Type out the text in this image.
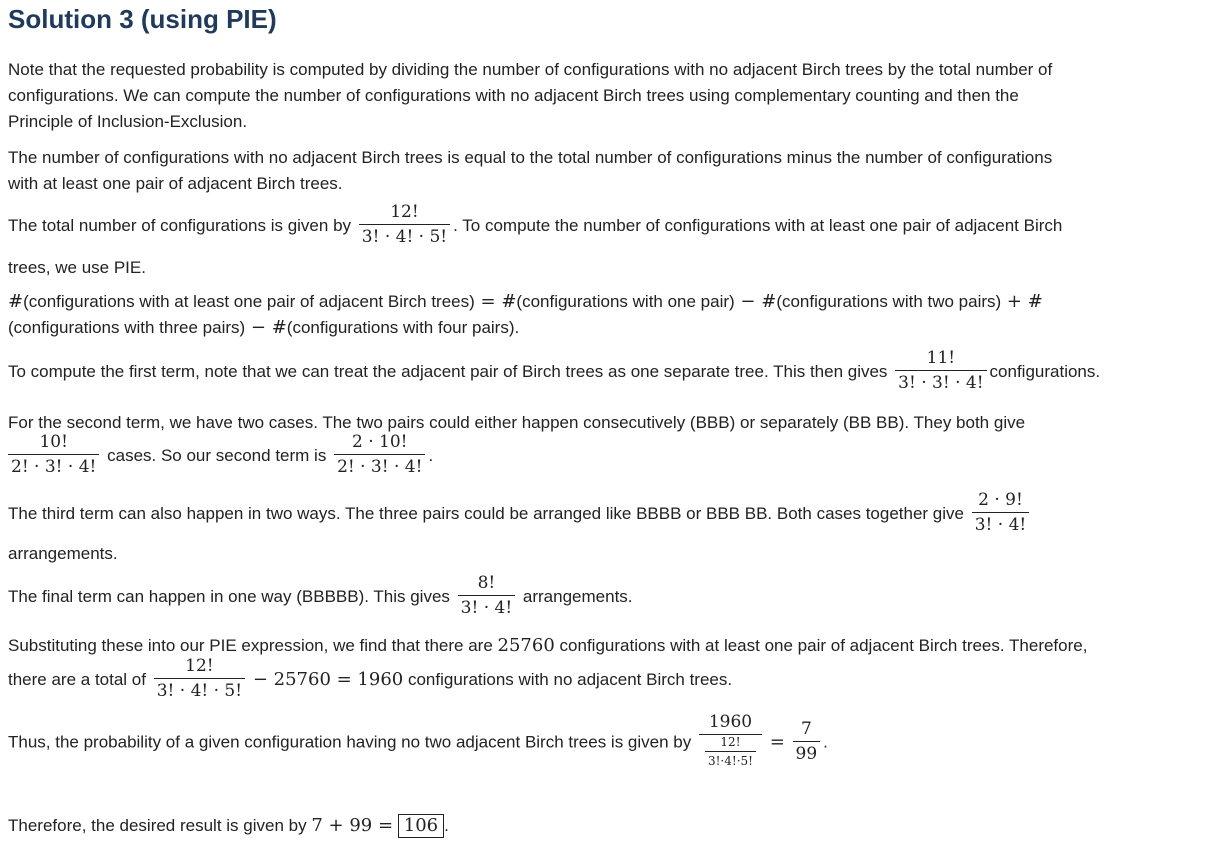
Solution 3 (using PIE)
Note that the requested probability is computed by dividing the number of configurations with no adjacent Birch trees by the total number of
configurations. We can compute the number of configurations with no adjacent Birch trees using complementary counting and then the
Principle of Inclusion-Exclusion.
The number of configurations with no adjacent Birch trees is equal to the total number of configurations minus the number of configurations
with at least one pair of adjacent Birch trees.
The total number of configurations is given by $\frac{12!}{3! \cdot 4! \cdot 5!}$ . To compute the number of configurations with at least one pair of adjacent Birch
trees, we use PIE.
#(configurations with at least one pair of adjacent Birch trees) = #(configurations with one pair) − #(configurations with two pairs) + #
(configurations with three pairs) − #(configurations with four pairs).
To compute the first term, note that we can treat the adjacent pair of Birch trees as one separate tree. This then gives $\frac{11!}{3! \cdot 3! \cdot 4!}$ configurations.
For the second term, we have two cases. The two pairs could either happen consecutively (BBB) or separately (BB BB). They both give
$\frac{10!}{2! \cdot 3! \cdot 4!}$ cases. So our second term is $\frac{2 \cdot 10!}{2! \cdot 3! \cdot 4!}$ .
The third term can also happen in two ways. The three pairs could be arranged like BBBB or BBB BB. Both cases together give $\frac{2 \cdot 9!}{3! \cdot 4!}$
arrangements.
The final term can happen in one way (BBBBB). This gives $\frac{8!}{3! \cdot 4!}$ arrangements.
Substituting these into our PIE expression, we find that there are 25760 configurations with at least one pair of adjacent Birch trees. Therefore,
there are a total of $\frac{12!}{3! \cdot 4! \cdot 5!} - 25760 = 1960$ configurations with no adjacent Birch trees.
Thus, the probability of a given configuration having no two adjacent Birch trees is given by $\frac{1960}{\frac{12!}{3!\cdot 4!\cdot 5!}} = \frac{7}{99}$ .
Therefore, the desired result is given by 7 + 99 = 106 .
